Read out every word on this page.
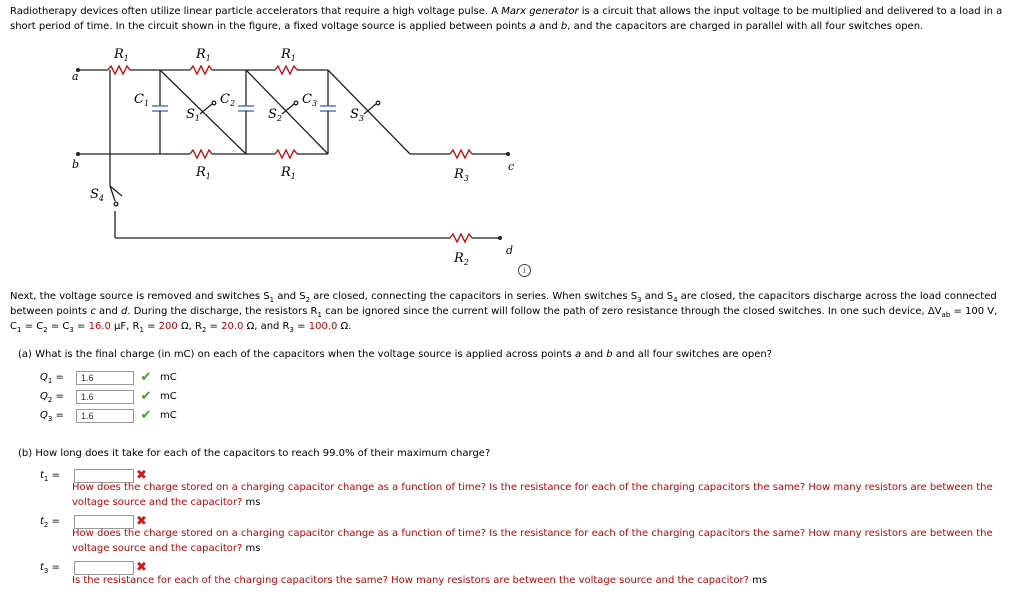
Radiotherapy devices often utilize linear particle accelerators that require a high voltage pulse. A Marx generator is a circuit that allows the input voltage to be multiplied and delivered to a load in a short period of time. In the circuit shown in the figure, a fixed voltage source is applied between points a and b, and the capacitors are charged in parallel with all four switches open.
$R_1$	$R_1$	$R_1$
a
b
$C_1$	$C_2$	$C_3$
$S_1$	$S_2$	$S_3$
$S_4$
$R_1$	$R_1$	$R_3$
c
$R_2$
d
i
Next, the voltage source is removed and switches $S_1$ and $S_2$ are closed, connecting the capacitors in series. When switches $S_3$ and $S_4$ are closed, the capacitors discharge across the load connected between points c and d. During the discharge, the resistors $R_1$ can be ignored since the current will follow the path of zero resistance through the closed switches. In one such device, $\Delta V_{ab} = 100$ V,
$C_1 = C_2 = C_3 = 16.0$ μF, $R_1 = 200$ Ω, $R_2 = 20.0$ Ω, and $R_3 = 100.0$ Ω.
(a) What is the final charge (in mC) on each of the capacitors when the voltage source is applied across points a and b and all four switches are open?
$Q_1$ =
1.6	✔ mC
$Q_2$ =
1.6	✔ mC
$Q_3$ =
1.6	✔ mC
(b) How long does it take for each of the capacitors to reach 99.0% of their maximum charge?
$t_1$ =	✖
How does the charge stored on a charging capacitor change as a function of time? Is the resistance for each of the charging capacitors the same? How many resistors are between the voltage source and the capacitor? ms
$t_2$ =	✖
How does the charge stored on a charging capacitor change as a function of time? Is the resistance for each of the charging capacitors the same? How many resistors are between the voltage source and the capacitor? ms
$t_3$ =	✖
Is the resistance for each of the charging capacitors the same? How many resistors are between the voltage source and the capacitor? ms
